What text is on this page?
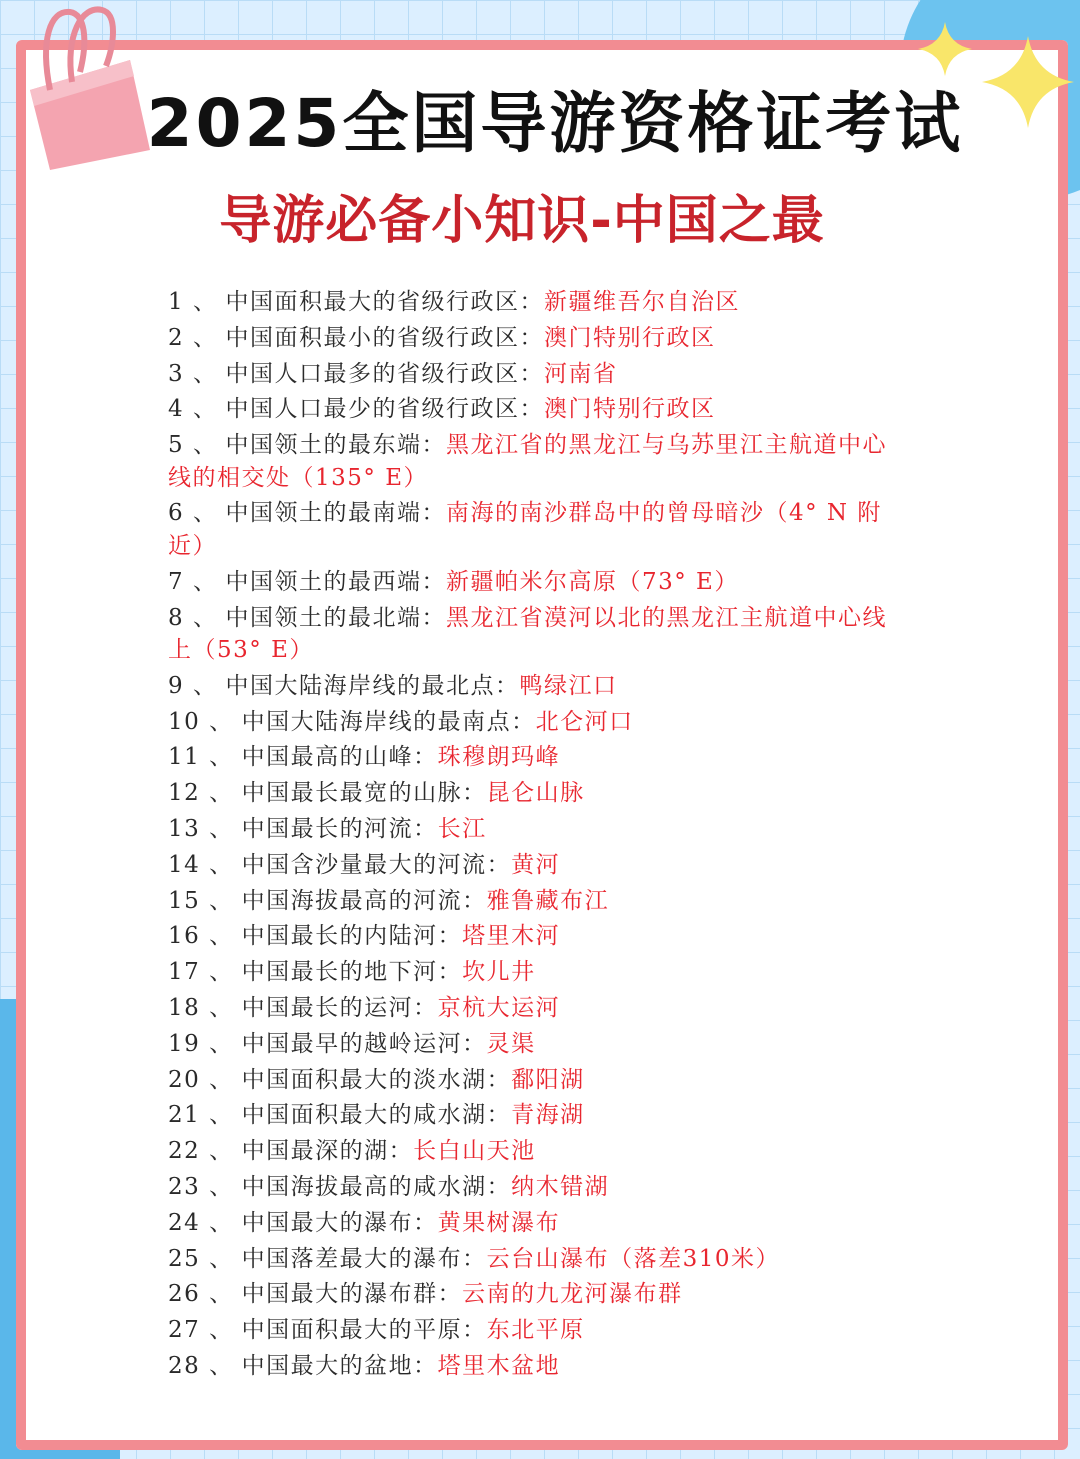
2025全国导游资格证考试
导游必备小知识-中国之最
1 、 中国面积最大的省级行政区：新疆维吾尔自治区
2 、 中国面积最小的省级行政区：澳门特别行政区
3 、 中国人口最多的省级行政区：河南省
4 、 中国人口最少的省级行政区：澳门特别行政区
5 、 中国领土的最东端：黑龙江省的黑龙江与乌苏里江主航道中心线的相交处（135° E）
6 、 中国领土的最南端：南海的南沙群岛中的曾母暗沙（4° N 附近）
7 、 中国领土的最西端：新疆帕米尔高原（73° E）
8 、 中国领土的最北端：黑龙江省漠河以北的黑龙江主航道中心线上（53° E）
9 、 中国大陆海岸线的最北点：鸭绿江口
10 、 中国大陆海岸线的最南点：北仑河口
11 、 中国最高的山峰：珠穆朗玛峰
12 、 中国最长最宽的山脉：昆仑山脉
13 、 中国最长的河流：长江
14 、 中国含沙量最大的河流：黄河
15 、 中国海拔最高的河流：雅鲁藏布江
16 、 中国最长的内陆河：塔里木河
17 、 中国最长的地下河：坎儿井
18 、 中国最长的运河：京杭大运河
19 、 中国最早的越岭运河：灵渠
20 、 中国面积最大的淡水湖：鄱阳湖
21 、 中国面积最大的咸水湖：青海湖
22 、 中国最深的湖：长白山天池
23 、 中国海拔最高的咸水湖：纳木错湖
24 、 中国最大的瀑布：黄果树瀑布
25 、 中国落差最大的瀑布：云台山瀑布（落差310米）
26 、 中国最大的瀑布群：云南的九龙河瀑布群
27 、 中国面积最大的平原：东北平原
28 、 中国最大的盆地：塔里木盆地
